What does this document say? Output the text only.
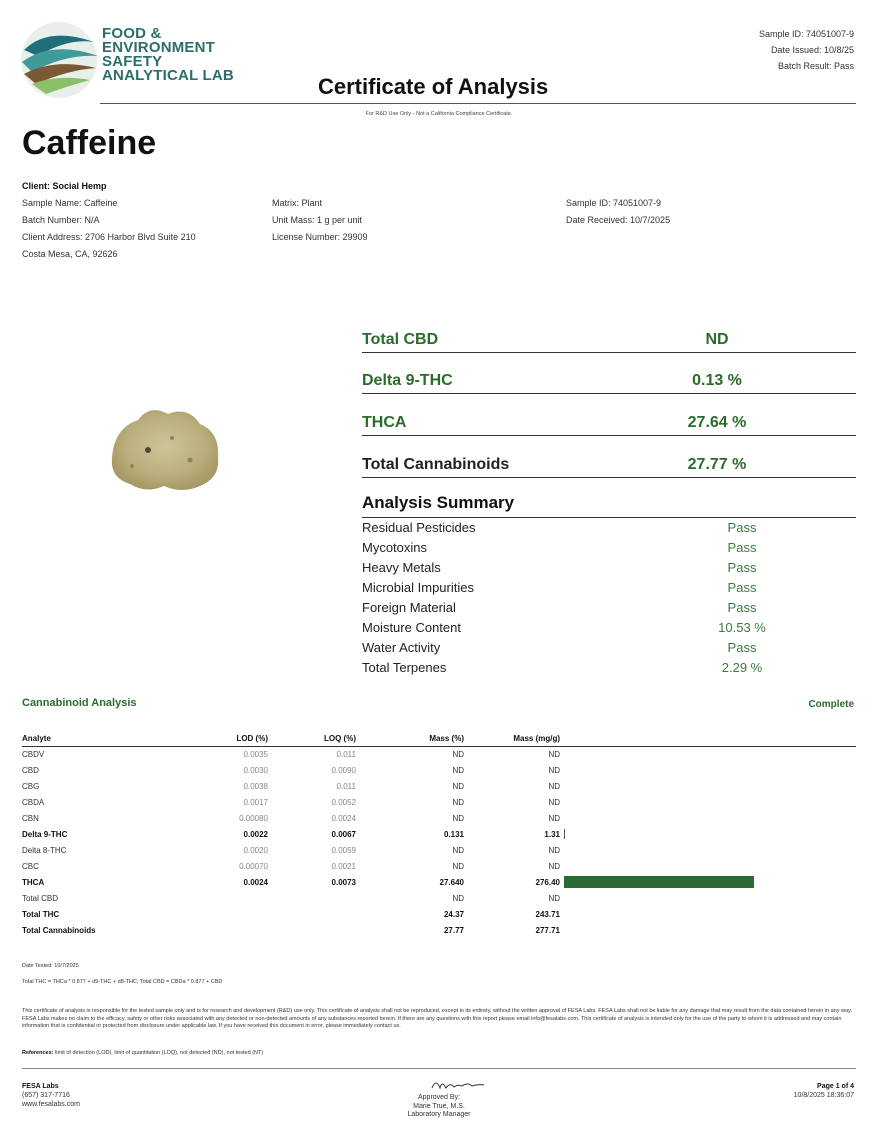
FOOD &
ENVIRONMENT
SAFETY
ANALYTICAL LAB	Certificate of Analysis
Sample ID: 74051007-9
Date Issued: 10/8/25
Batch Result: Pass
For R&D Use Only - Not a California Compliance Certificate.
Caffeine
Client: Social Hemp
Sample Name: Caffeine
Batch Number: N/A
Client Address: 2706 Harbor Blvd Suite 210
Costa Mesa, CA, 92626
Matrix: Plant
Unit Mass: 1 g per unit
License Number: 29909
Sample ID: 74051007-9
Date Received: 10/7/2025
Total CBD	ND
Delta 9-THC	0.13 %
THCA	27.64 %
Total Cannabinoids	27.77 %
Analysis Summary
Residual Pesticides	Pass
Mycotoxins	Pass
Heavy Metals	Pass
Microbial Impurities	Pass
Foreign Material	Pass
Moisture Content	10.53 %
Water Activity	Pass
Total Terpenes	2.29 %
Cannabinoid Analysis	Complete
Analyte	LOD (%)	LOQ (%)	Mass (%)	Mass (mg/g)	
CBDV	0.0035	0.011	ND	ND	
CBD	0.0030	0.0090	ND	ND	
CBG	0.0038	0.011	ND	ND	
CBDA	0.0017	0.0052	ND	ND	
CBN	0.00080	0.0024	ND	ND	
Delta 9-THC	0.0022	0.0067	0.131	1.31	

Delta 8-THC	0.0020	0.0059	ND	ND	
CBC	0.00070	0.0021	ND	ND	
THCA	0.0024	0.0073	27.640	276.40	

Total CBD			ND	ND	
Total THC			24.37	243.71	
Total Cannabinoids			27.77	277.71	
Date Tested: 10/7/2025
Total THC = THCa * 0.877 + d9-THC + d8-THC; Total CBD = CBDa * 0.877 + CBD
This certificate of analysis is responsible for the tested sample only and is for research and development (R&D) use only. This certificate of analysis shall not be reproduced, except in its entirety, without the written approval of FESA Labs. FESA Labs shall not be liable for any damage that may result from the data contained herein in any way. FESA Labs makes no claim to the efficacy, safety or other risks associated with any detected or non-detected amounts of any substances reported herein. If there are any questions with this report please email info@fesalabs.com. This certificate of analysis is intended only for the use of the party to whom it is addressed and may contain information that is confidential or protected from disclosure under applicable law. If you have received this document in error, please immediately contact us.
References: limit of detection (LOD), limit of quantitation (LOQ), not detected (ND), not tested (NT)
FESA Labs
(657) 317-7716
www.fesalabs.com
Approved By:
Marie True, M.S.
Laboratory Manager
Page 1 of 4
10/8/2025 18:36:07
